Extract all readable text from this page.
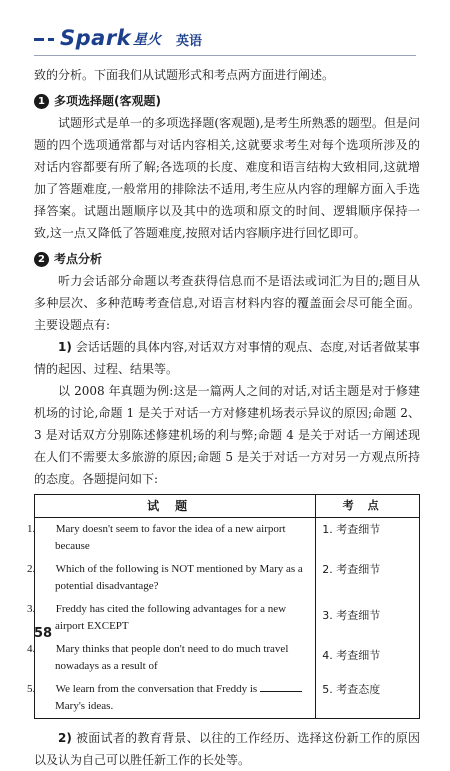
Spark 星火 英语

致的分析。下面我们从试题形式和考点两方面进行阐述。

1 多项选择题(客观题)

试题形式是单一的多项选择题(客观题),是考生所熟悉的题型。但是问题的四个选项通常都与对话内容相关,这就要求考生对每个选项所涉及的对话内容都要有所了解;各选项的长度、难度和语言结构大致相同,这就增加了答题难度,一般常用的排除法不适用,考生应从内容的理解方面入手选择答案。试题出题顺序以及其中的选项和原文的时间、逻辑顺序保持一致,这一点又降低了答题难度,按照对话内容顺序进行回忆即可。

2 考点分析

听力会话部分命题以考查获得信息而不是语法或词汇为目的;题目从多种层次、多种范畴考查信息,对语言材料内容的覆盖面会尽可能全面。主要设题点有:

1) 会话话题的具体内容,对话双方对事情的观点、态度,对话者做某事情的起因、过程、结果等。

以 2008 年真题为例:这是一篇两人之间的对话,对话主题是对于修建机场的讨论,命题 1 是关于对话一方对修建机场表示异议的原因;命题 2、3 是对话双方分别陈述修建机场的利与弊;命题 4 是关于对话一方阐述现在人们不需要太多旅游的原因;命题 5 是关于对话一方对另一方观点所持的态度。各题提问如下:

试题	考点

1. Mary doesn't seem to favor the idea of a new airport because	1. 考查细节

2. Which of the following is NOT mentioned by Mary as a potential disadvantage?	2. 考查细节

3. Freddy has cited the following advantages for a new airport EXCEPT	3. 考查细节

4. Mary thinks that people don't need to do much travel nowadays as a result of	4. 考查细节

5. We learn from the conversation that Freddy is  Mary's ideas.	5. 考查态度

2) 被面试者的教育背景、以往的工作经历、选择这份新工作的原因以及认为自己可以胜任新工作的长处等。

58
